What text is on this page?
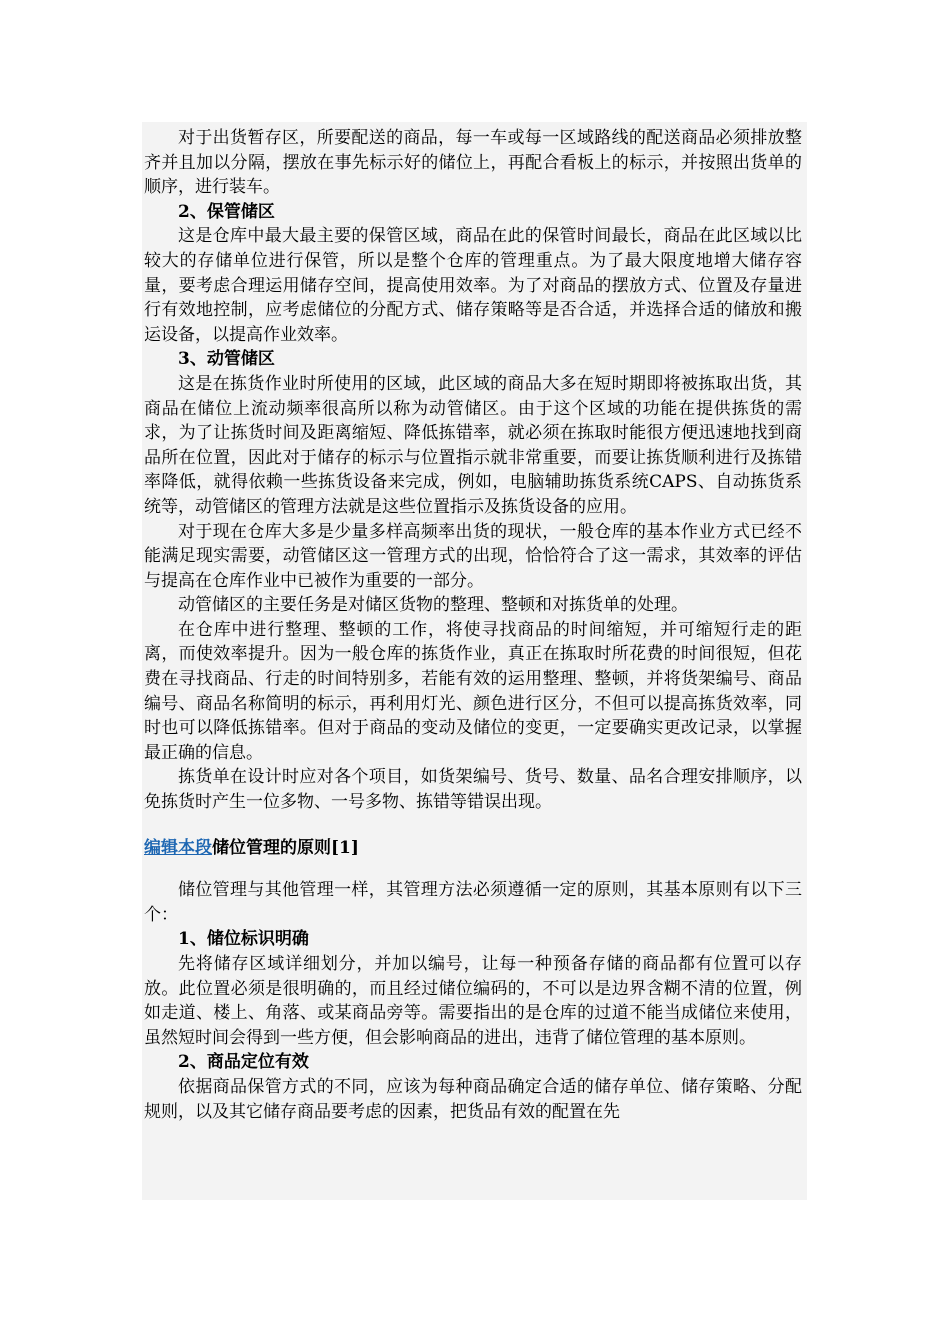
对于出货暂存区，所要配送的商品，每一车或每一区域路线的配送商品必须排放整齐并且加以分隔，摆放在事先标示好的储位上，再配合看板上的标示，并按照出货单的顺序，进行装车。

2、保管储区

这是仓库中最大最主要的保管区域，商品在此的保管时间最长，商品在此区域以比较大的存储单位进行保管，所以是整个仓库的管理重点。为了最大限度地增大储存容量，要考虑合理运用储存空间，提高使用效率。为了对商品的摆放方式、位置及存量进行有效地控制，应考虑储位的分配方式、储存策略等是否合适，并选择合适的储放和搬运设备，以提高作业效率。

3、动管储区

这是在拣货作业时所使用的区域，此区域的商品大多在短时期即将被拣取出货，其商品在储位上流动频率很高所以称为动管储区。由于这个区域的功能在提供拣货的需求，为了让拣货时间及距离缩短、降低拣错率，就必须在拣取时能很方便迅速地找到商品所在位置，因此对于储存的标示与位置指示就非常重要，而要让拣货顺利进行及拣错率降低，就得依赖一些拣货设备来完成，例如，电脑辅助拣货系统CAPS、自动拣货系统等，动管储区的管理方法就是这些位置指示及拣货设备的应用。

对于现在仓库大多是少量多样高频率出货的现状，一般仓库的基本作业方式已经不能满足现实需要，动管储区这一管理方式的出现，恰恰符合了这一需求，其效率的评估与提高在仓库作业中已被作为重要的一部分。

动管储区的主要任务是对储区货物的整理、整顿和对拣货单的处理。

在仓库中进行整理、整顿的工作，将使寻找商品的时间缩短，并可缩短行走的距离，而使效率提升。因为一般仓库的拣货作业，真正在拣取时所花费的时间很短，但花费在寻找商品、行走的时间特别多，若能有效的运用整理、整顿，并将货架编号、商品编号、商品名称简明的标示，再利用灯光、颜色进行区分，不但可以提高拣货效率，同时也可以降低拣错率。但对于商品的变动及储位的变更，一定要确实更改记录，以掌握最正确的信息。

拣货单在设计时应对各个项目，如货架编号、货号、数量、品名合理安排顺序，以免拣货时产生一位多物、一号多物、拣错等错误出现。

编辑本段储位管理的原则[1]

储位管理与其他管理一样，其管理方法必须遵循一定的原则，其基本原则有以下三个：

1、储位标识明确

先将储存区域详细划分，并加以编号，让每一种预备存储的商品都有位置可以存放。此位置必须是很明确的，而且经过储位编码的，不可以是边界含糊不清的位置，例如走道、楼上、角落、或某商品旁等。需要指出的是仓库的过道不能当成储位来使用，虽然短时间会得到一些方便，但会影响商品的进出，违背了储位管理的基本原则。

2、商品定位有效

依据商品保管方式的不同，应该为每种商品确定合适的储存单位、储存策略、分配规则，以及其它储存商品要考虑的因素，把货品有效的配置在先
